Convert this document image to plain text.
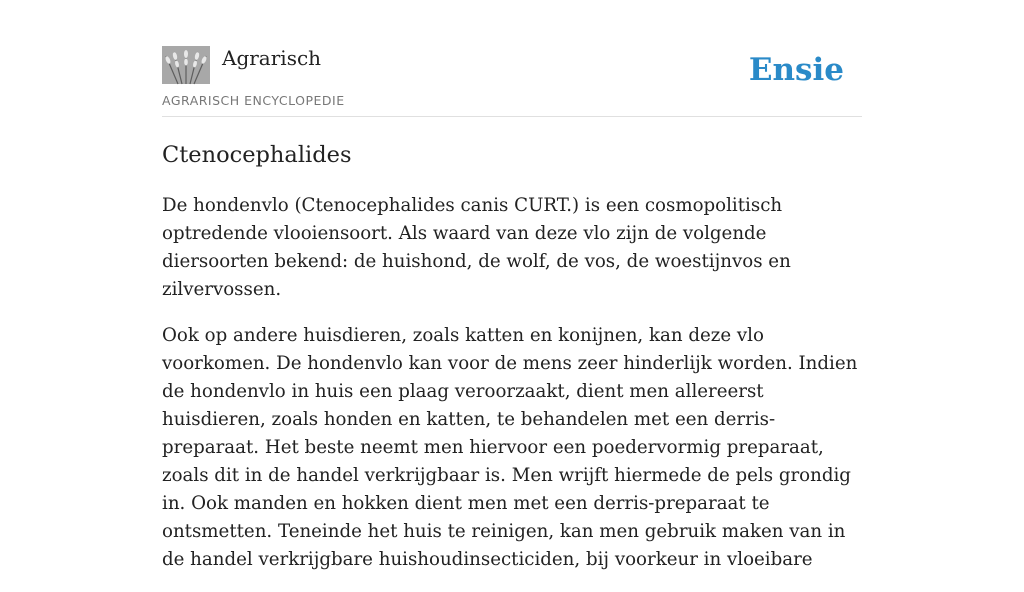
Agrarisch
AGRARISCH ENCYCLOPEDIE
Ensie
Ctenocephalides

De hondenvlo (Ctenocephalides canis CURT.) is een cosmopolitisch optredende vlooiensoort. Als waard van deze vlo zijn de volgende diersoorten bekend: de huishond, de wolf, de vos, de woestijnvos en zilvervossen.

Ook op andere huisdieren, zoals katten en konijnen, kan deze vlo voorkomen. De hondenvlo kan voor de mens zeer hinderlijk worden. Indien de hondenvlo in huis een plaag veroorzaakt, dient men allereerst huisdieren, zoals honden en katten, te behandelen met een derris-preparaat. Het beste neemt men hiervoor een poedervormig preparaat, zoals dit in de handel verkrijgbaar is. Men wrijft hiermede de pels grondig in. Ook manden en hokken dient men met een derris-preparaat te ontsmetten. Teneinde het huis te reinigen, kan men gebruik maken van in de handel verkrijgbare huishoudinsecticiden, bij voorkeur in vloeibare
